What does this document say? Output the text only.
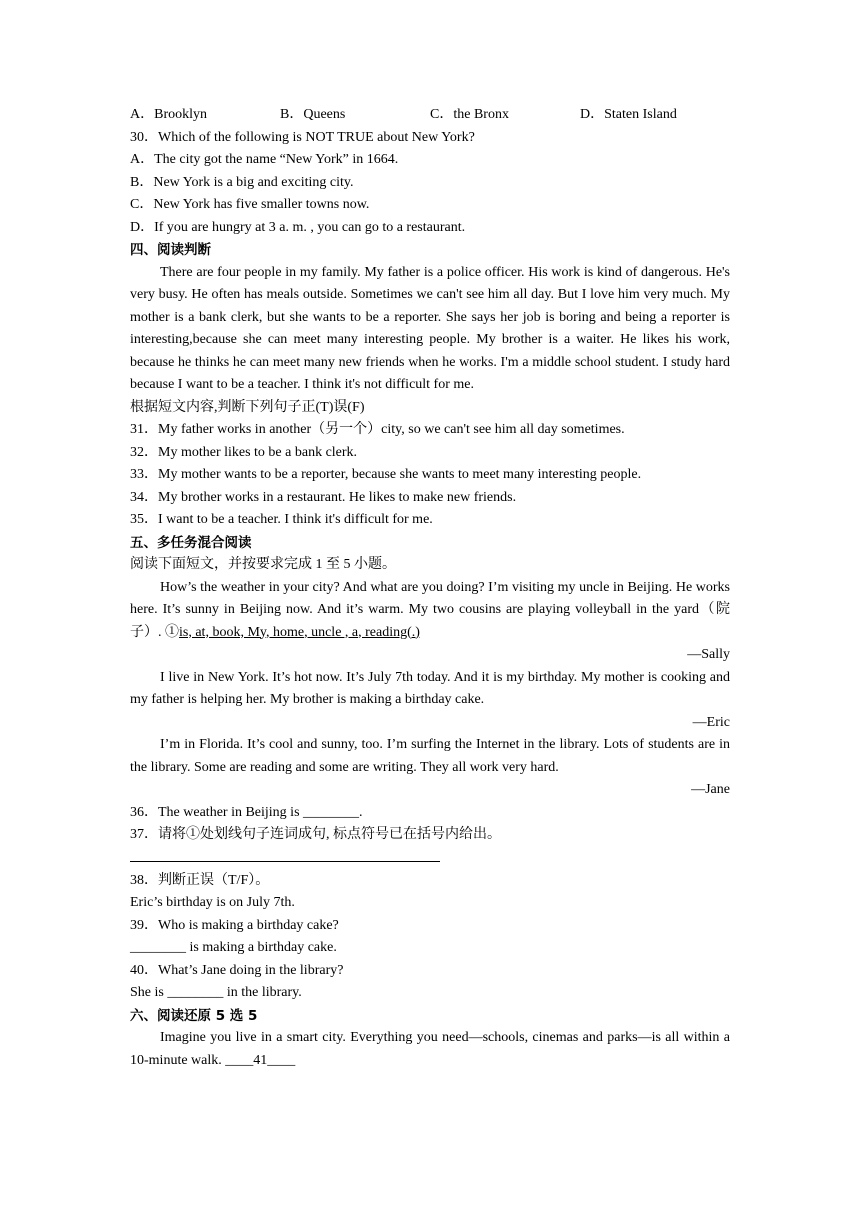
A．Brooklyn	B．Queens	C．the Bronx	D．Staten Island
30．Which of the following is NOT TRUE about New York?
A．The city got the name “New York” in 1664.
B．New York is a big and exciting city.
C．New York has five smaller towns now.
D．If you are hungry at 3 a. m. , you can go to a restaurant.
四、阅读判断

There are four people in my family. My father is a police officer. His work is kind of dangerous. He's very busy. He often has meals outside. Sometimes we can't see him all day. But I love him very much. My mother is a bank clerk, but she wants to be a reporter. She says her job is boring and being a reporter is interesting,because she can meet many interesting people. My brother is a waiter. He likes his work, because he thinks he can meet many new friends when he works. I'm a middle school student. I study hard because I want to be a teacher. I think it's not difficult for me.

根据短文内容,判断下列句子正(T)误(F)
31．My father works in another（另一个）city, so we can't see him all day sometimes.
32．My mother likes to be a bank clerk.
33．My mother wants to be a reporter, because she wants to meet many interesting people.
34．My brother works in a restaurant. He likes to make new friends.
35．I want to be a teacher. I think it's difficult for me.
五、多任务混合阅读
阅读下面短文，并按要求完成 1 至 5 小题。

How’s the weather in your city? And what are you doing? I’m visiting my uncle in Beijing. He works here. It’s sunny in Beijing now. And it’s warm. My two cousins are playing volleyball in the yard（院子）. ①is, at, book, My, home, uncle , a, reading(.)

—Sally

I live in New York. It’s hot now. It’s July 7th today. And it is my birthday. My mother is cooking and my father is helping her. My brother is making a birthday cake.

—Eric

I’m in Florida. It’s cool and sunny, too. I’m surfing the Internet in the library. Lots of students are in the library. Some are reading and some are writing. They all work very hard.

—Jane
36．The weather in Beijing is ________.
37．请将①处划线句子连词成句, 标点符号已在括号内给出。
38．判断正误（T/F）。
Eric’s birthday is on July 7th.
39．Who is making a birthday cake?
________ is making a birthday cake.
40．What’s Jane doing in the library?
She is ________ in the library.
六、阅读还原 5 选 5

Imagine you live in a smart city. Everything you need—schools, cinemas and parks—is all within a 10-minute walk. ____41____
